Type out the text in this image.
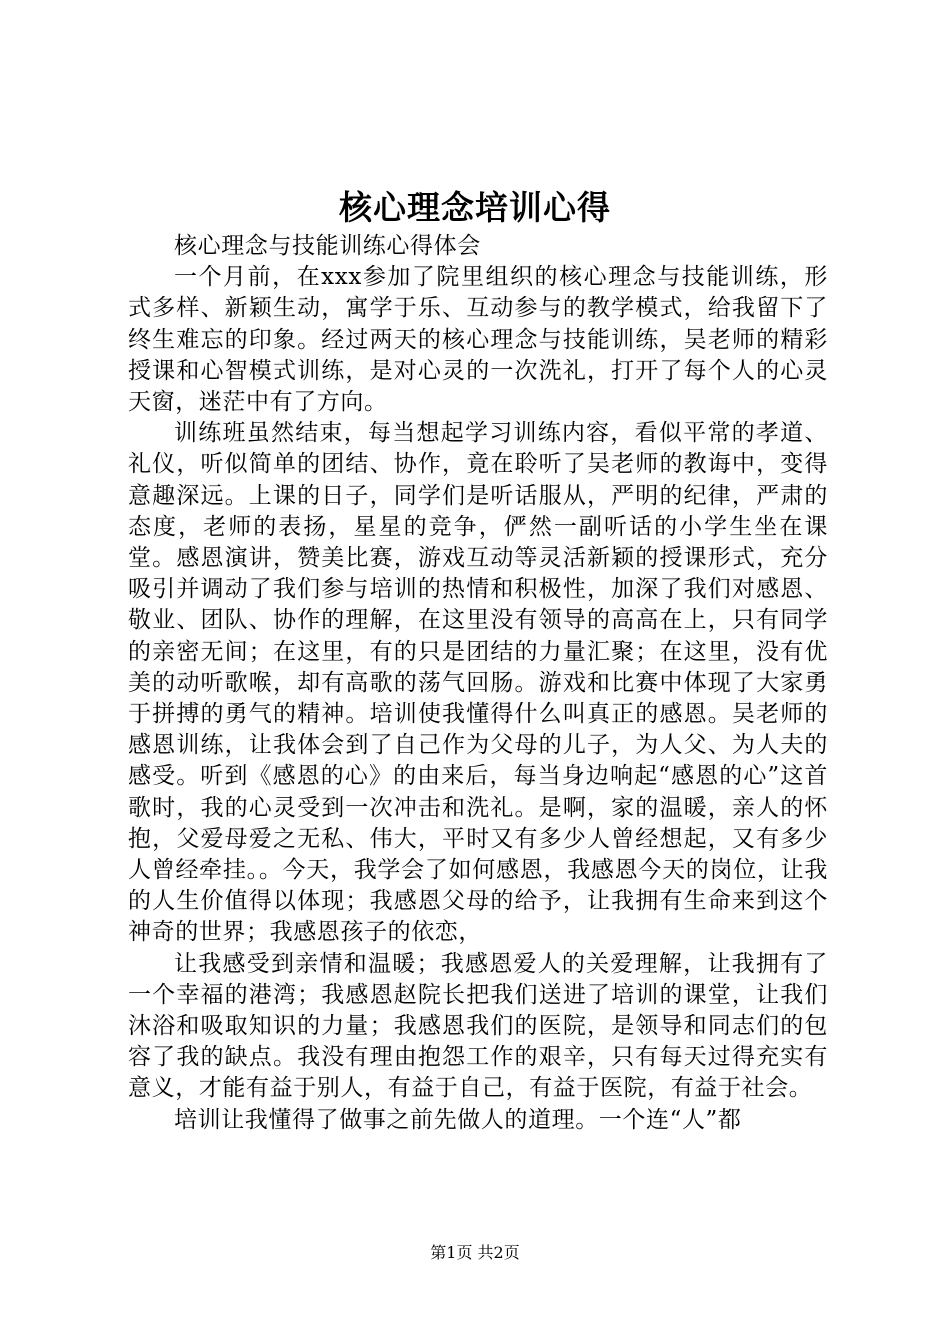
核心理念培训心得

核心理念与技能训练心得体会

一个月前，在xxx参加了院里组织的核心理念与技能训练，形式多样、新颖生动，寓学于乐、互动参与的教学模式，给我留下了终生难忘的印象。经过两天的核心理念与技能训练，吴老师的精彩授课和心智模式训练，是对心灵的一次洗礼，打开了每个人的心灵天窗，迷茫中有了方向。

训练班虽然结束，每当想起学习训练内容，看似平常的孝道、礼仪，听似简单的团结、协作，竟在聆听了吴老师的教诲中，变得意趣深远。上课的日子，同学们是听话服从，严明的纪律，严肃的态度，老师的表扬，星星的竞争，俨然一副听话的小学生坐在课堂。感恩演讲，赞美比赛，游戏互动等灵活新颖的授课形式，充分吸引并调动了我们参与培训的热情和积极性，加深了我们对感恩、敬业、团队、协作的理解，在这里没有领导的高高在上，只有同学的亲密无间；在这里，有的只是团结的力量汇聚；在这里，没有优美的动听歌喉，却有高歌的荡气回肠。游戏和比赛中体现了大家勇于拼搏的勇气的精神。培训使我懂得什么叫真正的感恩。吴老师的感恩训练，让我体会到了自己作为父母的儿子，为人父、为人夫的感受。听到《感恩的心》的由来后，每当身边响起“感恩的心”这首歌时，我的心灵受到一次冲击和洗礼。是啊，家的温暖，亲人的怀抱，父爱母爱之无私、伟大，平时又有多少人曾经想起，又有多少人曾经牵挂。。今天，我学会了如何感恩，我感恩今天的岗位，让我的人生价值得以体现；我感恩父母的给予，让我拥有生命来到这个神奇的世界；我感恩孩子的依恋，

让我感受到亲情和温暖；我感恩爱人的关爱理解，让我拥有了一个幸福的港湾；我感恩赵院长把我们送进了培训的课堂，让我们沐浴和吸取知识的力量；我感恩我们的医院，是领导和同志们的包容了我的缺点。我没有理由抱怨工作的艰辛，只有每天过得充实有意义，才能有益于别人，有益于自己，有益于医院，有益于社会。

培训让我懂得了做事之前先做人的道理。一个连“人”都

第1页 共2页
